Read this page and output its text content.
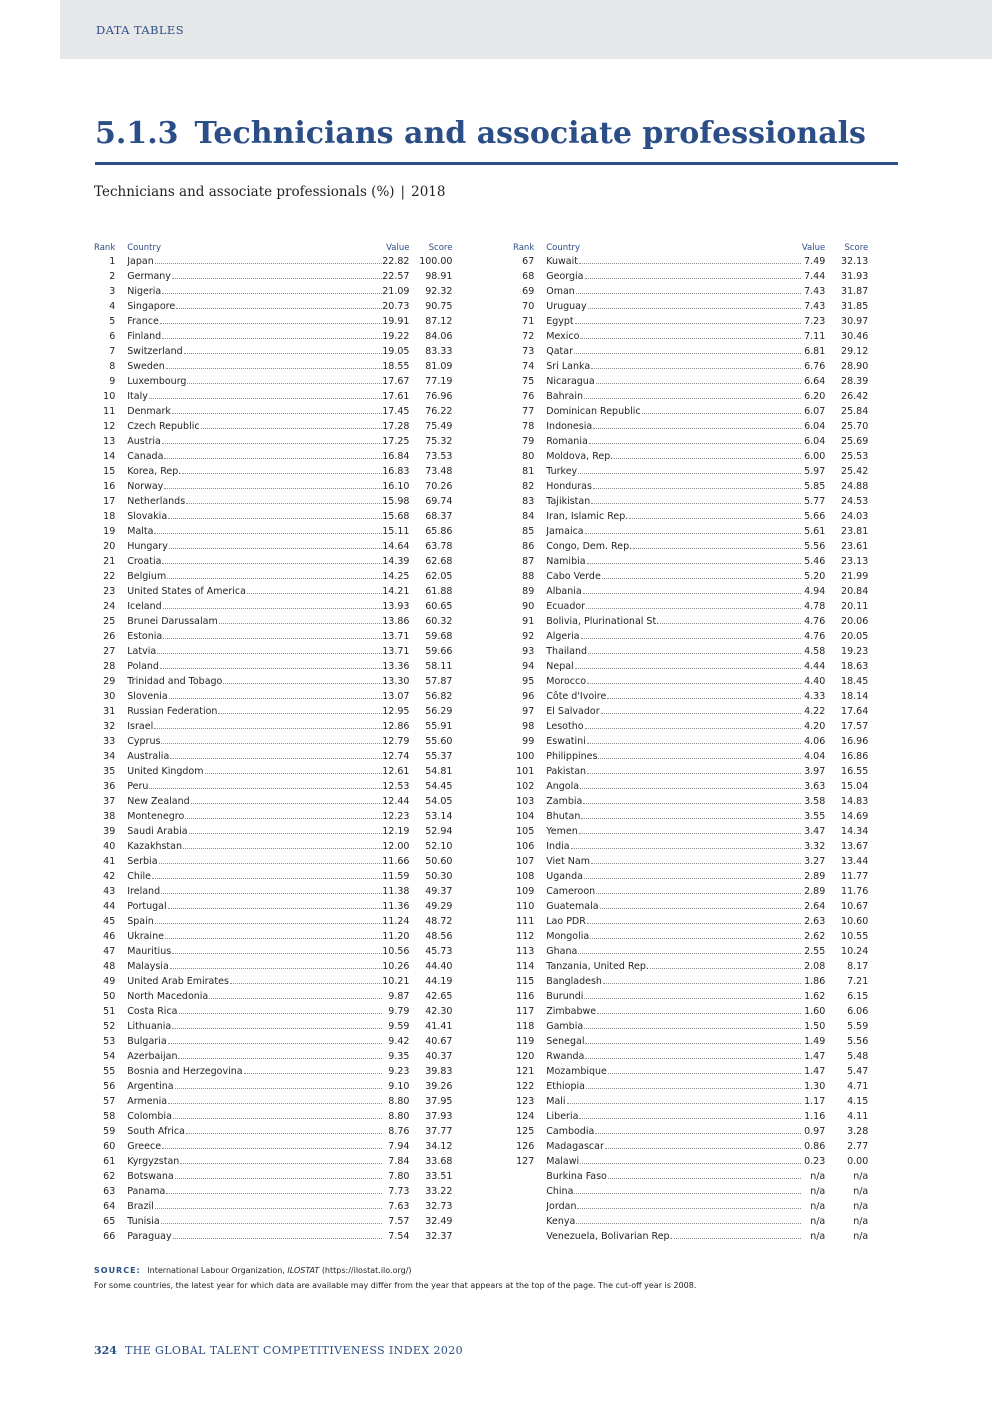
DATA TABLES
5.1.3 Technicians and associate professionals
Technicians and associate professionals (%) | 2018
Rank		Country	Value	Score
1		Japan	22.82	100.00
2		Germany	22.57	98.91
3		Nigeria	21.09	92.32
4		Singapore	20.73	90.75
5		France	19.91	87.12
6		Finland	19.22	84.06
7		Switzerland	19.05	83.33
8		Sweden	18.55	81.09
9		Luxembourg	17.67	77.19
10		Italy	17.61	76.96
11		Denmark	17.45	76.22
12		Czech Republic	17.28	75.49
13		Austria	17.25	75.32
14		Canada	16.84	73.53
15		Korea, Rep.	16.83	73.48
16		Norway	16.10	70.26
17		Netherlands	15.98	69.74
18		Slovakia	15.68	68.37
19		Malta	15.11	65.86
20		Hungary	14.64	63.78
21		Croatia	14.39	62.68
22		Belgium	14.25	62.05
23		United States of America	14.21	61.88
24		Iceland	13.93	60.65
25		Brunei Darussalam	13.86	60.32
26		Estonia	13.71	59.68
27		Latvia	13.71	59.66
28		Poland	13.36	58.11
29		Trinidad and Tobago	13.30	57.87
30		Slovenia	13.07	56.82
31		Russian Federation	12.95	56.29
32		Israel	12.86	55.91
33		Cyprus	12.79	55.60
34		Australia	12.74	55.37
35		United Kingdom	12.61	54.81
36		Peru	12.53	54.45
37		New Zealand	12.44	54.05
38		Montenegro	12.23	53.14
39		Saudi Arabia	12.19	52.94
40		Kazakhstan	12.00	52.10
41		Serbia	11.66	50.60
42		Chile	11.59	50.30
43		Ireland	11.38	49.37
44		Portugal	11.36	49.29
45		Spain	11.24	48.72
46		Ukraine	11.20	48.56
47		Mauritius	10.56	45.73
48		Malaysia	10.26	44.40
49		United Arab Emirates	10.21	44.19
50		North Macedonia	9.87	42.65
51		Costa Rica	9.79	42.30
52		Lithuania	9.59	41.41
53		Bulgaria	9.42	40.67
54		Azerbaijan	9.35	40.37
55		Bosnia and Herzegovina	9.23	39.83
56		Argentina	9.10	39.26
57		Armenia	8.80	37.95
58		Colombia	8.80	37.93
59		South Africa	8.76	37.77
60		Greece	7.94	34.12
61		Kyrgyzstan	7.84	33.68
62		Botswana	7.80	33.51
63		Panama	7.73	33.22
64		Brazil	7.63	32.73
65		Tunisia	7.57	32.49
66		Paraguay	7.54	32.37
Rank		Country	Value	Score
67		Kuwait	7.49	32.13
68		Georgia	7.44	31.93
69		Oman	7.43	31.87
70		Uruguay	7.43	31.85
71		Egypt	7.23	30.97
72		Mexico	7.11	30.46
73		Qatar	6.81	29.12
74		Sri Lanka	6.76	28.90
75		Nicaragua	6.64	28.39
76		Bahrain	6.20	26.42
77		Dominican Republic	6.07	25.84
78		Indonesia	6.04	25.70
79		Romania	6.04	25.69
80		Moldova, Rep.	6.00	25.53
81		Turkey	5.97	25.42
82		Honduras	5.85	24.88
83		Tajikistan	5.77	24.53
84		Iran, Islamic Rep.	5.66	24.03
85		Jamaica	5.61	23.81
86		Congo, Dem. Rep.	5.56	23.61
87		Namibia	5.46	23.13
88		Cabo Verde	5.20	21.99
89		Albania	4.94	20.84
90		Ecuador	4.78	20.11
91		Bolivia, Plurinational St.	4.76	20.06
92		Algeria	4.76	20.05
93		Thailand	4.58	19.23
94		Nepal	4.44	18.63
95		Morocco	4.40	18.45
96		Côte d'Ivoire	4.33	18.14
97		El Salvador	4.22	17.64
98		Lesotho	4.20	17.57
99		Eswatini	4.06	16.96
100		Philippines	4.04	16.86
101		Pakistan	3.97	16.55
102		Angola	3.63	15.04
103		Zambia	3.58	14.83
104		Bhutan	3.55	14.69
105		Yemen	3.47	14.34
106		India	3.32	13.67
107		Viet Nam	3.27	13.44
108		Uganda	2.89	11.77
109		Cameroon	2.89	11.76
110		Guatemala	2.64	10.67
111		Lao PDR	2.63	10.60
112		Mongolia	2.62	10.55
113		Ghana	2.55	10.24
114		Tanzania, United Rep.	2.08	8.17
115		Bangladesh	1.86	7.21
116		Burundi	1.62	6.15
117		Zimbabwe	1.60	6.06
118		Gambia	1.50	5.59
119		Senegal	1.49	5.56
120		Rwanda	1.47	5.48
121		Mozambique	1.47	5.47
122		Ethiopia	1.30	4.71
123		Mali	1.17	4.15
124		Liberia	1.16	4.11
125		Cambodia	0.97	3.28
126		Madagascar	0.86	2.77
127		Malawi	0.23	0.00

		Burkina Faso	n/a	n/a

		China	n/a	n/a

		Jordan	n/a	n/a

		Kenya	n/a	n/a

		Venezuela, Bolivarian Rep.	n/a	n/a
SOURCE: International Labour Organization, ILOSTAT (https://ilostat.ilo.org/)
For some countries, the latest year for which data are available may differ from the year that appears at the top of the page. The cut-off year is 2008.
324 THE GLOBAL TALENT COMPETITIVENESS INDEX 2020
